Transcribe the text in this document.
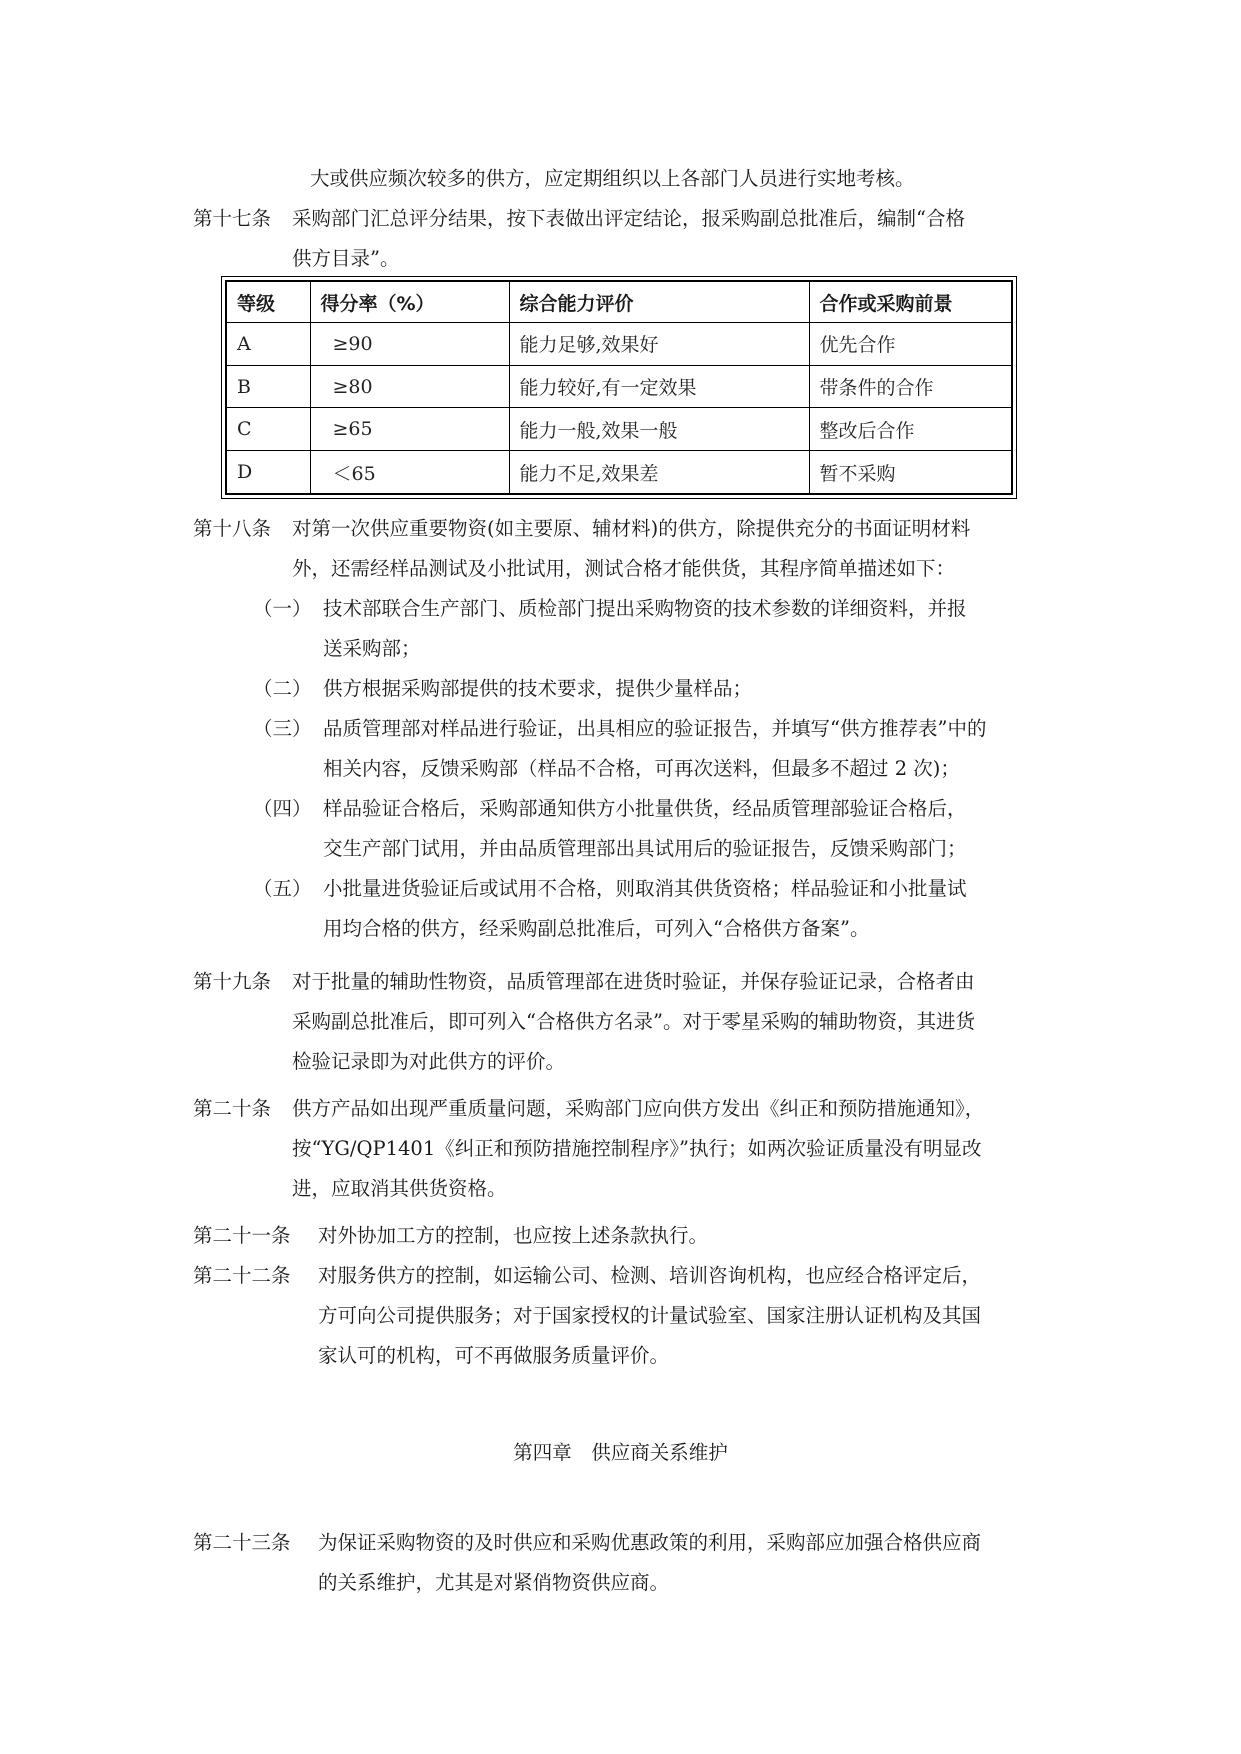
大或供应频次较多的供方，应定期组织以上各部门人员进行实地考核。
第十七条 采购部门汇总评分结果，按下表做出评定结论，报采购副总批准后，编制“合格
供方目录”。
等级	得分率（%）	综合能力评价	合作或采购前景
A	≥90	能力足够,效果好	优先合作
B	≥80	能力较好,有一定效果	带条件的合作
C	≥65	能力一般,效果一般	整改后合作
D	＜65	能力不足,效果差	暂不采购
第十八条 对第一次供应重要物资(如主要原、辅材料)的供方，除提供充分的书面证明材料
外，还需经样品测试及小批试用，测试合格才能供货，其程序简单描述如下：
（一） 技术部联合生产部门、质检部门提出采购物资的技术参数的详细资料，并报
送采购部；
（二） 供方根据采购部提供的技术要求，提供少量样品；
（三） 品质管理部对样品进行验证，出具相应的验证报告，并填写“供方推荐表”中的
相关内容，反馈采购部（样品不合格，可再次送料，但最多不超过 2 次)；
（四） 样品验证合格后，采购部通知供方小批量供货，经品质管理部验证合格后，
交生产部门试用，并由品质管理部出具试用后的验证报告，反馈采购部门；
（五） 小批量进货验证后或试用不合格，则取消其供货资格；样品验证和小批量试
用均合格的供方，经采购副总批准后，可列入“合格供方备案”。
第十九条 对于批量的辅助性物资，品质管理部在进货时验证，并保存验证记录，合格者由
采购副总批准后，即可列入“合格供方名录”。对于零星采购的辅助物资，其进货
检验记录即为对此供方的评价。
第二十条 供方产品如出现严重质量问题，采购部门应向供方发出《纠正和预防措施通知》，
按“YG/QP1401《纠正和预防措施控制程序》”执行；如两次验证质量没有明显改
进，应取消其供货资格。
第二十一条 对外协加工方的控制，也应按上述条款执行。
第二十二条 对服务供方的控制，如运输公司、检测、培训咨询机构，也应经合格评定后，
方可向公司提供服务；对于国家授权的计量试验室、国家注册认证机构及其国
家认可的机构，可不再做服务质量评价。
第四章　供应商关系维护
第二十三条 为保证采购物资的及时供应和采购优惠政策的利用，采购部应加强合格供应商
的关系维护，尤其是对紧俏物资供应商。
